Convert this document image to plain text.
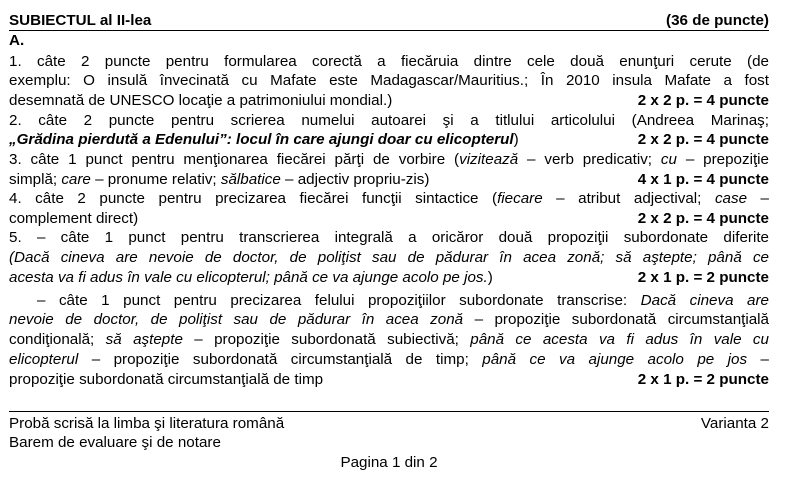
SUBIECTUL al II-lea	(36 de puncte)
A.
1. câte 2 puncte pentru formularea corectă a fiecăruia dintre cele două enunţuri cerute (de
exemplu: O insulă învecinată cu Mafate este Madagascar/Mauritius.; În 2010 insula Mafate a fost
desemnată de UNESCO locaţie a patrimoniului mondial.)	2 x 2 p. = 4 puncte
2. câte 2 puncte pentru scrierea numelui autoarei şi a titlului articolului (Andreea Marinaş;
„Grădina pierdută a Edenului”: locul în care ajungi doar cu elicopterul)	2 x 2 p. = 4 puncte
3. câte 1 punct pentru menţionarea fiecărei părţi de vorbire (vizitează – verb predicativ; cu – prepoziţie
simplă; care – pronume relativ; sălbatice – adjectiv propriu-zis)	4 x 1 p. = 4 puncte
4. câte 2 puncte pentru precizarea fiecărei funcţii sintactice (fiecare – atribut adjectival; case –
complement direct)	2 x 2 p. = 4 puncte
5. – câte 1 punct pentru transcrierea integrală a oricăror două propoziţii subordonate diferite
(Dacă cineva are nevoie de doctor, de poliţist sau de pădurar în acea zonă; să aştepte; până ce
acesta va fi adus în vale cu elicopterul; până ce va ajunge acolo pe jos.)	2 x 1 p. = 2 puncte
– câte 1 punct pentru precizarea felului propoziţiilor subordonate transcrise: Dacă cineva are
nevoie de doctor, de poliţist sau de pădurar în acea zonă – propoziţie subordonată circumstanţială
condiţională; să aştepte – propoziţie subordonată subiectivă; până ce acesta va fi adus în vale cu
elicopterul – propoziţie subordonată circumstanţială de timp; până ce va ajunge acolo pe jos –
propoziţie subordonată circumstanţială de timp	2 x 1 p. = 2 puncte
Probă scrisă la limba şi literatura română	Varianta 2
Barem de evaluare şi de notare
Pagina 1 din 2
